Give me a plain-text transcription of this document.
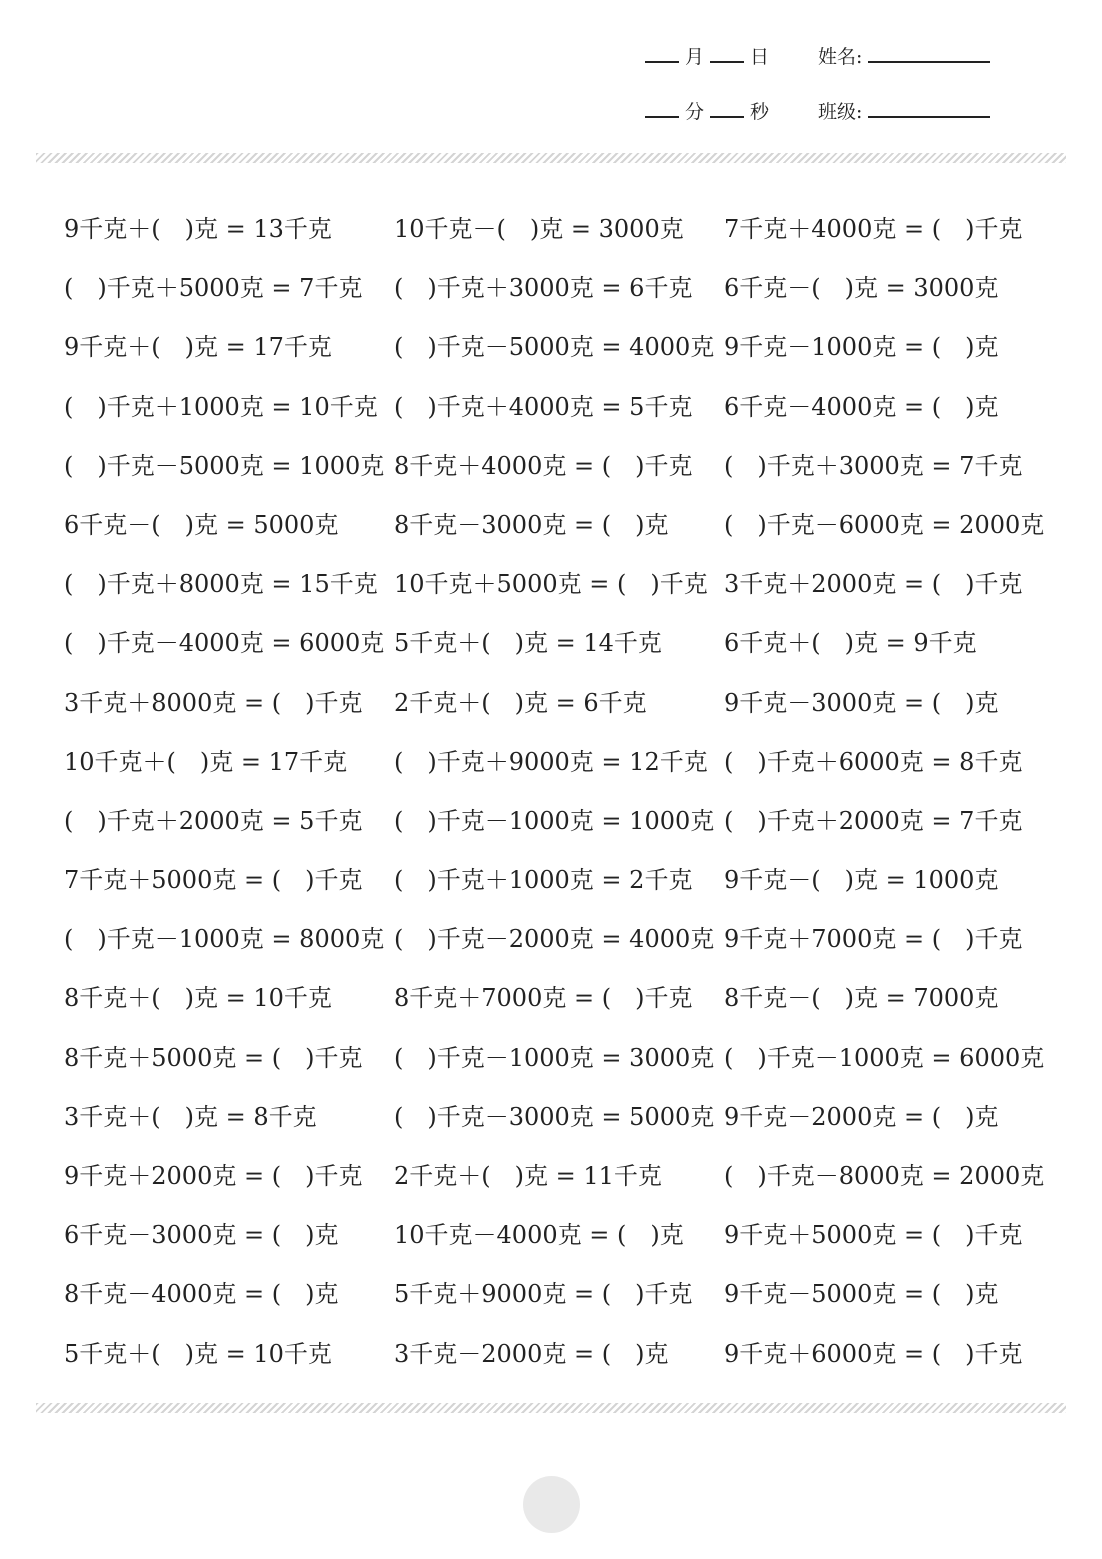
月 日	姓名:
分 秒	班级:
9千克＋(　)克 = 13千克	10千克－(　)克 = 3000克 7千克＋4000克 = (　)千克
(　)千克＋5000克 = 7千克 (　)千克＋3000克 = 6千克 6千克－(　)克 = 3000克
9千克＋(　)克 = 17千克	(　)千克－5000克 = 4000克 9千克－1000克 = (　)克
(　)千克＋1000克 = 10千克 (　)千克＋4000克 = 5千克 6千克－4000克 = (　)克
(　)千克－5000克 = 1000克 8千克＋4000克 = (　)千克 (　)千克＋3000克 = 7千克
6千克－(　)克 = 5000克 8千克－3000克 = (　)克 (　)千克－6000克 = 2000克
(　)千克＋8000克 = 15千克 10千克＋5000克 = (　)千克 3千克＋2000克 = (　)千克
(　)千克－4000克 = 6000克 5千克＋(　)克 = 14千克	6千克＋(　)克 = 9千克
3千克＋8000克 = (　)千克 2千克＋(　)克 = 6千克	9千克－3000克 = (　)克
10千克＋(　)克 = 17千克 (　)千克＋9000克 = 12千克 (　)千克＋6000克 = 8千克
(　)千克＋2000克 = 5千克 (　)千克－1000克 = 1000克 (　)千克＋2000克 = 7千克
7千克＋5000克 = (　)千克 (　)千克＋1000克 = 2千克 9千克－(　)克 = 1000克
(　)千克－1000克 = 8000克 (　)千克－2000克 = 4000克 9千克＋7000克 = (　)千克
8千克＋(　)克 = 10千克	8千克＋7000克 = (　)千克 8千克－(　)克 = 7000克
8千克＋5000克 = (　)千克 (　)千克－1000克 = 3000克 (　)千克－1000克 = 6000克
3千克＋(　)克 = 8千克	(　)千克－3000克 = 5000克 9千克－2000克 = (　)克
9千克＋2000克 = (　)千克 2千克＋(　)克 = 11千克	(　)千克－8000克 = 2000克
6千克－3000克 = (　)克 10千克－4000克 = (　)克 9千克＋5000克 = (　)千克
8千克－4000克 = (　)克 5千克＋9000克 = (　)千克 9千克－5000克 = (　)克
5千克＋(　)克 = 10千克	3千克－2000克 = (　)克 9千克＋6000克 = (　)千克
